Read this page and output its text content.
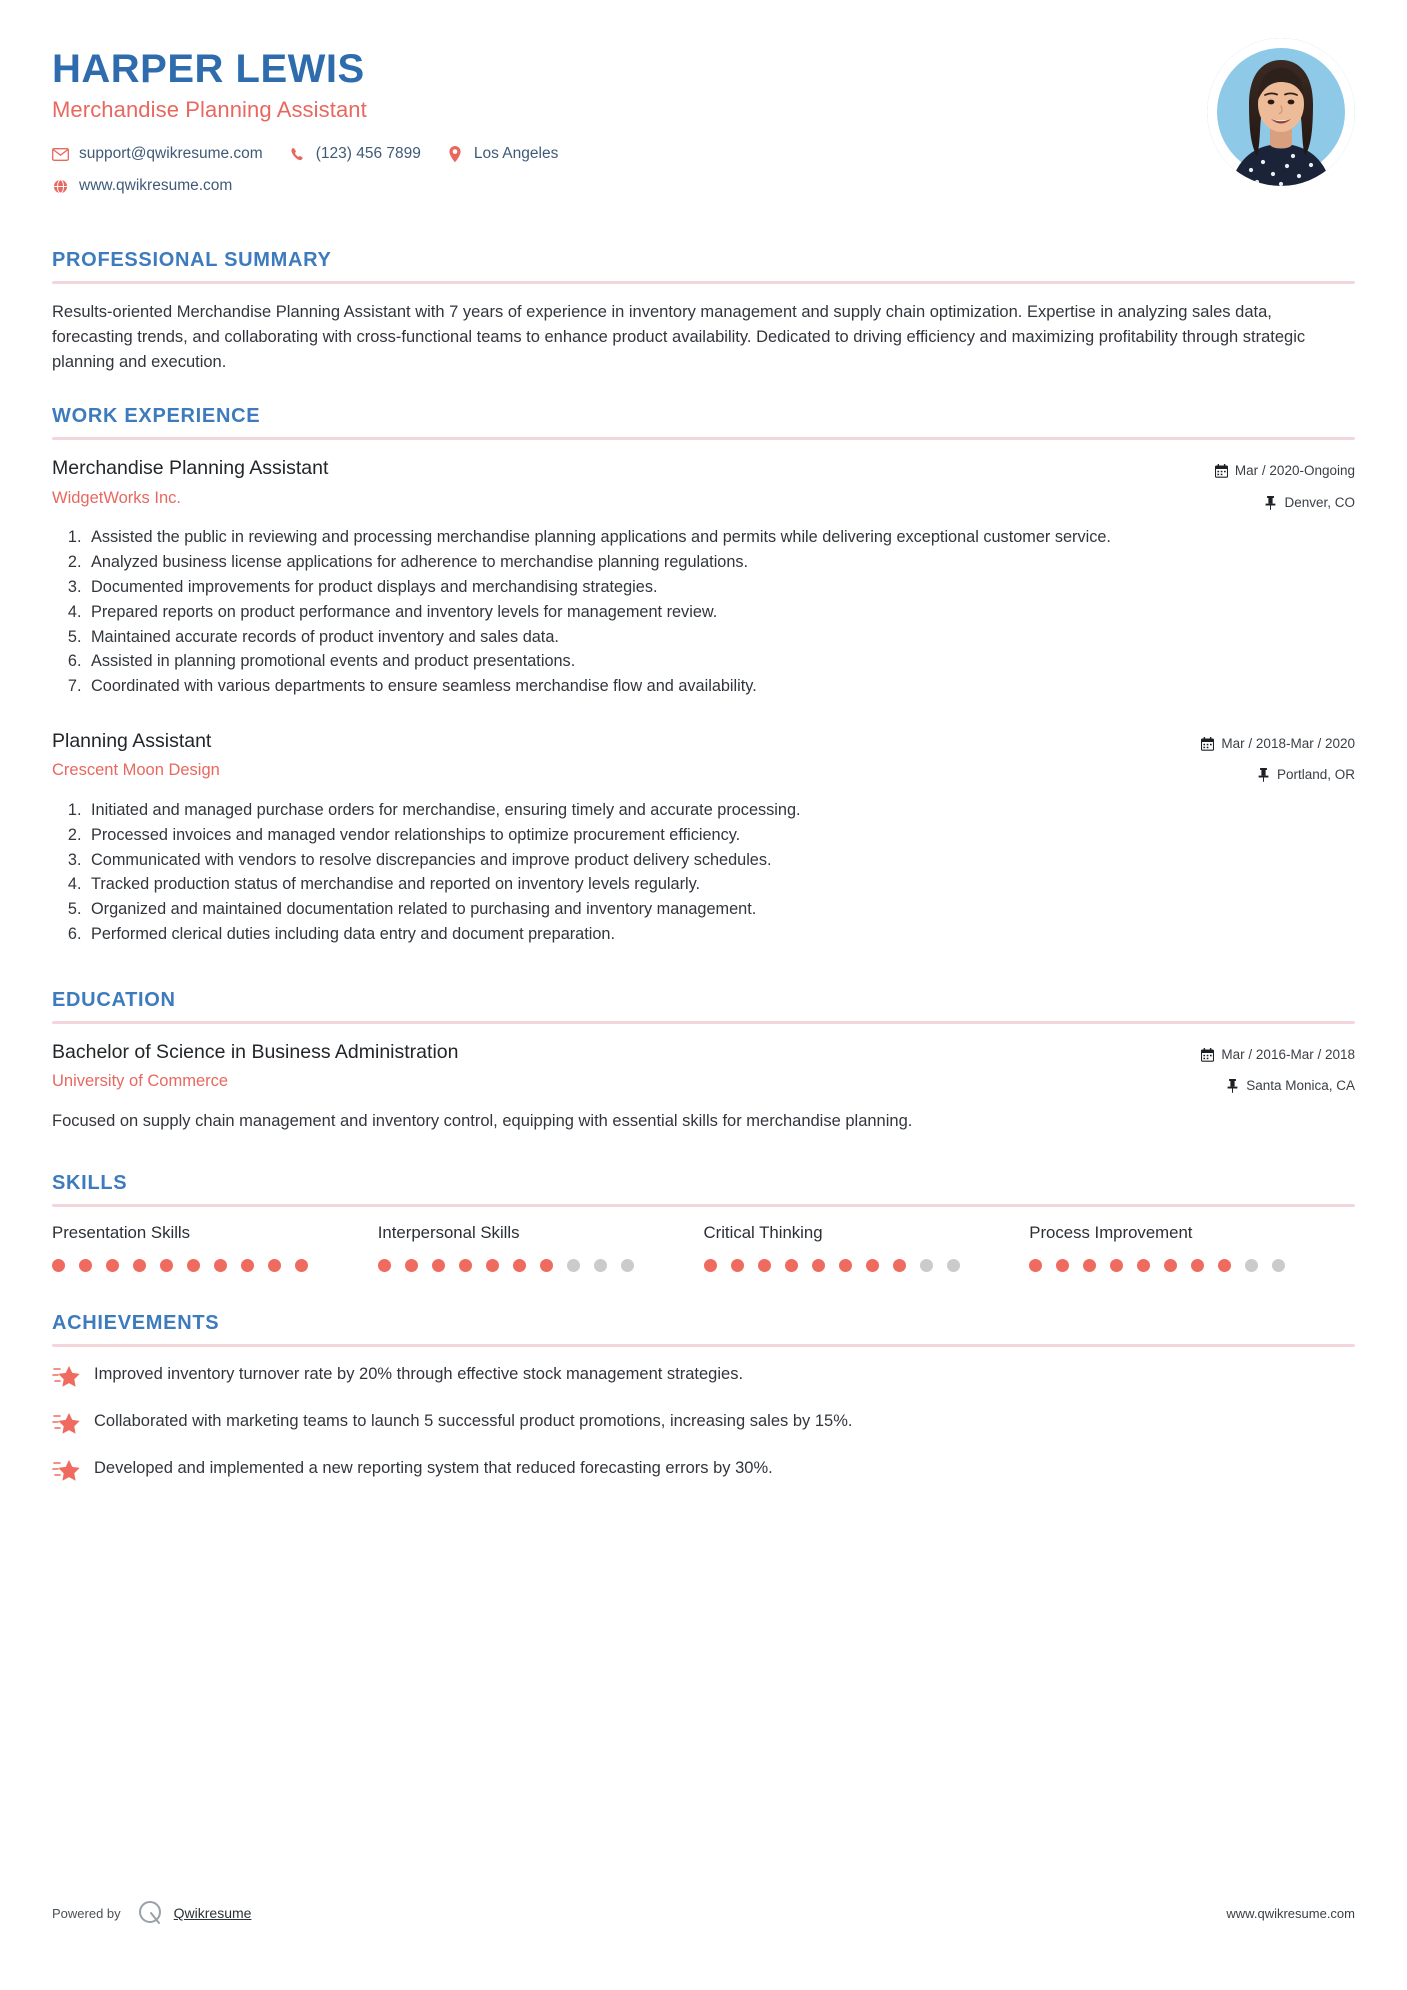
HARPER LEWIS
Merchandise Planning Assistant
support@qwikresume.com	(123) 456 7899	Los Angeles
www.qwikresume.com
PROFESSIONAL SUMMARY
Results-oriented Merchandise Planning Assistant with 7 years of experience in inventory management and supply chain optimization. Expertise in analyzing sales data, forecasting trends, and collaborating with cross-functional teams to enhance product availability. Dedicated to driving efficiency and maximizing profitability through strategic planning and execution.
WORK EXPERIENCE
Merchandise Planning Assistant
WidgetWorks Inc.
Mar / 2020-Ongoing
Denver, CO
1. Assisted the public in reviewing and processing merchandise planning applications and permits while delivering exceptional customer service.
2. Analyzed business license applications for adherence to merchandise planning regulations.
3. Documented improvements for product displays and merchandising strategies.
4. Prepared reports on product performance and inventory levels for management review.
5. Maintained accurate records of product inventory and sales data.
6. Assisted in planning promotional events and product presentations.
7. Coordinated with various departments to ensure seamless merchandise flow and availability.
Planning Assistant
Crescent Moon Design
Mar / 2018-Mar / 2020
Portland, OR
1. Initiated and managed purchase orders for merchandise, ensuring timely and accurate processing.
2. Processed invoices and managed vendor relationships to optimize procurement efficiency.
3. Communicated with vendors to resolve discrepancies and improve product delivery schedules.
4. Tracked production status of merchandise and reported on inventory levels regularly.
5. Organized and maintained documentation related to purchasing and inventory management.
6. Performed clerical duties including data entry and document preparation.
EDUCATION
Bachelor of Science in Business Administration
University of Commerce
Mar / 2016-Mar / 2018
Santa Monica, CA
Focused on supply chain management and inventory control, equipping with essential skills for merchandise planning.
SKILLS
Presentation Skills	Interpersonal Skills	Critical Thinking	Process Improvement
ACHIEVEMENTS
Improved inventory turnover rate by 20% through effective stock management strategies.
Collaborated with marketing teams to launch 5 successful product promotions, increasing sales by 15%.
Developed and implemented a new reporting system that reduced forecasting errors by 30%.
Powered by	Qwikresume	www.qwikresume.com
